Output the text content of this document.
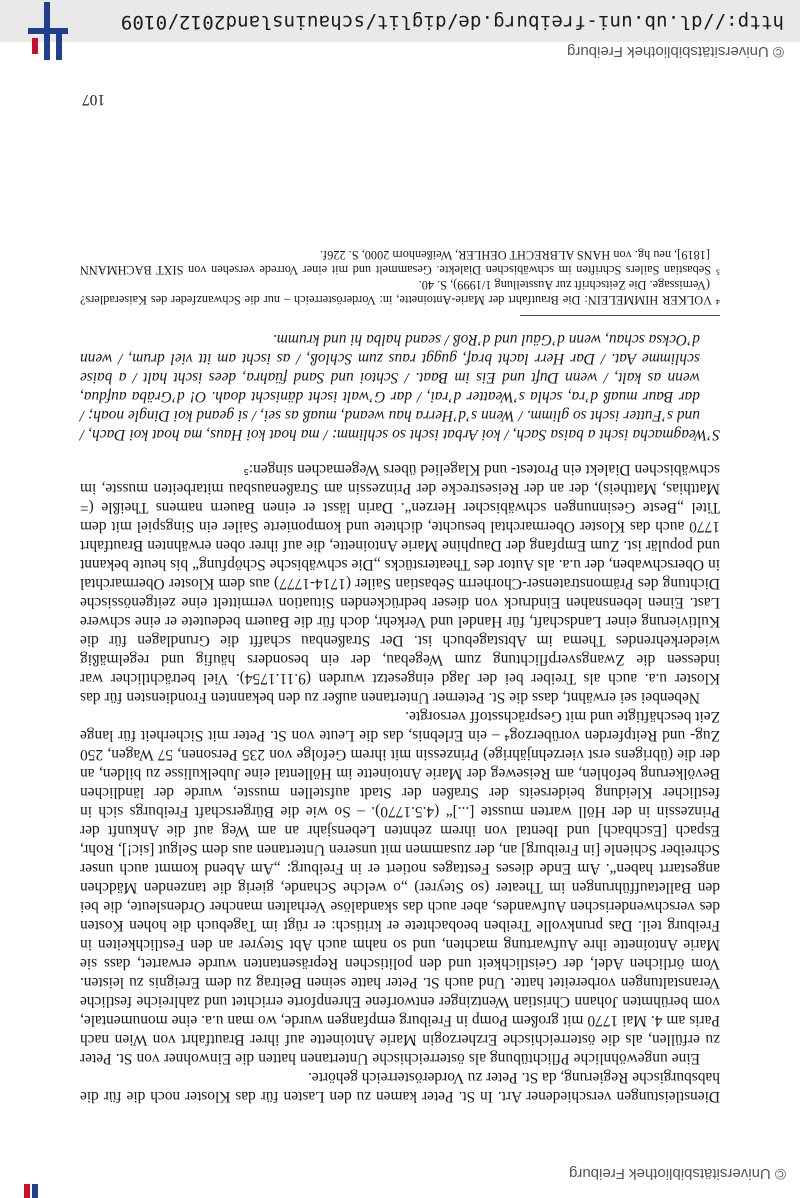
© Universitätsbibliothek Freiburg

Dienstleistungen verschiedener Art. In St. Peter kamen zu den Lasten für das Kloster noch die für die habsburgische Regierung, da St. Peter zu Vorderösterreich gehörte.

Eine ungewöhnliche Pflichtübung als österreichische Untertanen hatten die Einwohner von St. Peter zu erfüllen, als die österreichische Erzherzogin Marie Antoinette auf ihrer Brautfahrt von Wien nach Paris am 4. Mai 1770 mit großem Pomp in Freiburg empfangen wurde, wo man u.a. eine monumentale, vom berühmten Johann Christian Wentzinger entworfene Ehrenpforte errichtet und zahlreiche festliche Veranstaltungen vorbereitet hatte. Und auch St. Peter hatte seinen Beitrag zu dem Ereignis zu leisten. Vom örtlichen Adel, der Geistlichkeit und den politischen Repräsentanten wurde erwartet, dass sie Marie Antoinette ihre Aufwartung machten, und so nahm auch Abt Steyrer an den Festlichkeiten in Freiburg teil. Das prunkvolle Treiben beobachtete er kritisch: er rügt im Tagebuch die hohen Kosten des verschwenderischen Aufwandes, aber auch das skandalöse Verhalten mancher Ordensleute, die bei den Balletaufführungen im Theater (so Steyrer) „o welche Schande, gierig die tanzenden Mädchen angestarrt haben“. Am Ende dieses Festtages notiert er in Freiburg: „Am Abend kommt auch unser Schreiber Schienle [in Freiburg] an, der zusammen mit unseren Untertanen aus dem Selgut [sic!], Rohr, Espach [Eschbach] und Ibental von ihrem zehnten Lebensjahr an am Weg auf die Ankunft der Prinzessin in der Höll warten musste [...]“ (4.5.1770). – So wie die Bürgerschaft Freiburgs sich in festlicher Kleidung beiderseits der Straßen der Stadt aufstellen musste, wurde der ländlichen Bevölkerung befohlen, am Reiseweg der Marie Antoinette im Höllental eine Jubelkulisse zu bilden, an der die (übrigens erst vierzehnjährige) Prinzessin mit ihrem Gefolge von 235 Personen, 57 Wagen, 250 Zug- und Reitpferden vorüberzog⁴ – ein Erlebnis, das die Leute von St. Peter mit Sicherheit für lange Zeit beschäftigte und mit Gesprächsstoff versorgte.

Nebenbei sei erwähnt, dass die St. Peterner Untertanen außer zu den bekannten Frondiensten für das Kloster u.a. auch als Treiber bei der Jagd eingesetzt wurden (9.11.1754). Viel beträchtlicher war indessen die Zwangsverpflichtung zum Wegebau, der ein besonders häufig und regelmäßig wiederkehrendes Thema im Abtstagebuch ist. Der Straßenbau schafft die Grundlagen für die Kultivierung einer Landschaft, für Handel und Verkehr, doch für die Bauern bedeutete er eine schwere Last. Einen lebensnahen Eindruck von dieser bedrückenden Situation vermittelt eine zeitgenössische Dichtung des Prämonstratenser-Chorherrn Sebastian Sailer (1714-1777) aus dem Kloster Obermarchtal in Oberschwaben, der u.a. als Autor des Theaterstücks „Die schwäbische Schöpfung“ bis heute bekannt und populär ist. Zum Empfang der Dauphine Marie Antoinette, die auf ihrer oben erwähnten Brautfahrt 1770 auch das Kloster Obermarchtal besuchte, dichtete und komponierte Sailer ein Singspiel mit dem Titel „Beste Gesinnungen schwäbischer Herzen“. Darin lässt er einen Bauern namens Theißle (= Matthias, Mattheis), der an der Reisestrecke der Prinzessin am Straßenausbau mitarbeiten musste, im schwäbischen Dialekt ein Protest- und Klagelied übers Wegemachen singen:⁵

S’Weagmacha ischt a baisa Sach, / koi Arbat ischt so schlimm: / ma hoat koi Haus, ma hoat koi Dach, / und s’Futter ischt so glimm. / Wenn s’d’Herra hau weand, muaß as sei, / si geand koi Dingle noah; / dar Baur muaß d’ra, schla s’Weatter d’rai, / dar G’walt ischt dänischt doah. O! d’Gräba aufdua, wenn as kalt, / wenn Duft und Eis im Baat. / Schtoi und Sand füahra, dees ischt halt / a baise schlimme Aat. / Dar Herr lacht braf, guggt raus zum Schloß, / as ischt am itt viel drum, / wenn d’Ocksa schau, wenn d’Gäul und d’Roß / seand halba hi und krumm.

⁴ VOLKER HIMMELEIN: Die Brautfahrt der Marie-Antoinette, in: Vorderösterreich – nur die Schwanzfeder des Kaiseradlers? (Vernissage. Die Zeitschrift zur Ausstellung 1/1999), S. 40.

⁵ Sebastian Sailers Schriften im schwäbischen Dialekte. Gesammelt und mit einer Vorrede versehen von SIXT BACHMANN [1819], neu hg. von HANS ALBRECHT OEHLER, Weißenhorn 2000, S. 226f.

107
© Universitätsbibliothek Freiburg
http://dl.ub.uni-freiburg.de/diglit/schauinsland2012/0109
